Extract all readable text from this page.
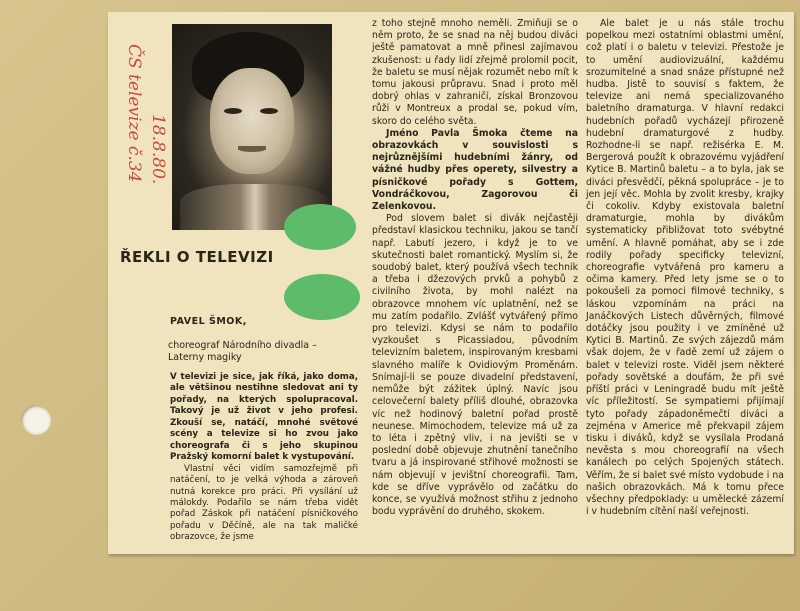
ČS televize č.34 18.8.80.
ŘEKLI O TELEVIZI
PAVEL ŠMOK,
choreograf Národního divadla – Laterny magiky

V televizi je sice, jak říká, jako doma, ale většinou nestihne sledovat ani ty pořady, na kterých spolupracoval. Takový je už život v jeho profesi. Zkouší se, natáčí, mnohé světové scény a televize si ho zvou jako choreografa či s jeho skupinou Pražský komorní balet k vystupování.

Vlastní věci vidím samozřejmě při natáčení, to je velká výhoda a zároveň nutná korekce pro práci. Při vysílání už málokdy. Podařilo se nám třeba vidět pořad Záskok při natáčení písničkového pořadu v Děčíně, ale na tak maličké obrazovce, že jsme

z toho stejně mnoho neměli. Zmiňuji se o něm proto, že se snad na něj budou diváci ještě pamatovat a mně přinesl zajímavou zkušenost: u řady lidí zřejmě prolomil pocit, že baletu se musí nějak rozumět nebo mít k tomu jakousi průpravu. Snad i proto měl dobrý ohlas v zahraničí, získal Bronzovou růži v Montreux a prodal se, pokud vím, skoro do celého světa.

Jméno Pavla Šmoka čteme na obrazovkách v souvislosti s nejrůznějšími hudebními žánry, od vážné hudby přes operety, silvestry a písničkové pořady s Gottem, Vondráčkovou, Zagorovou či Zelenkovou.

Pod slovem balet si divák nejčastěji představí klasickou techniku, jakou se tančí např. Labutí jezero, i když je to ve skutečnosti balet romantický. Myslím si, že soudobý balet, který používá všech technik a třeba i džezových prvků a pohybů z civilního života, by mohl nalézt na obrazovce mnohem víc uplatnění, než se mu zatím podařilo. Zvlášť vytvářený přímo pro televizi. Kdysi se nám to podařilo vyzkoušet s Picassiadou, původním televizním baletem, inspirovaným kresbami slavného malíře k Ovidiovým Proměnám. Snímají-li se pouze divadelní představení, nemůže být zážitek úplný. Navíc jsou celovečerní balety příliš dlouhé, obrazovka víc než hodinový baletní pořad prostě neunese. Mimochodem, televize má už za to léta i zpětný vliv, i na jevišti se v poslední době objevuje zhutnění tanečního tvaru a já inspirované střihové možnosti se nám objevují v jevištní choreografii. Tam, kde se dříve vyprávělo od začátku do konce, se využívá možnost střihu z jednoho bodu vyprávění do druhého, skokem.

Ale balet je u nás stále trochu popelkou mezi ostatními oblastmi umění, což platí i o baletu v televizi. Přestože je to umění audiovizuální, každému srozumitelné a snad snáze přístupné než hudba. Jistě to souvisí s faktem, že televize ani nemá specializovaného baletního dramaturga. V hlavní redakci hudebních pořadů vycházejí přirozeně hudební dramaturgové z hudby. Rozhodne-li se např. režisérka E. M. Bergerová použít k obrazovému vyjádření Kytice B. Martinů baletu – a to byla, jak se diváci přesvědčí, pěkná spolupráce – je to jen její věc. Mohla by zvolit kresby, krajky či cokoliv. Kdyby existovala baletní dramaturgie, mohla by divákům systematicky přibližovat toto svébytné umění. A hlavně pomáhat, aby se i zde rodily pořady specificky televizní, choreografie vytvářená pro kameru a očima kamery. Před lety jsme se o to pokoušeli za pomoci filmové techniky, s láskou vzpomínám na práci na Janáčkových Listech důvěrných, filmové dotáčky jsou použity i ve zmíněné už Kytici B. Martinů. Ze svých zájezdů mám však dojem, že v řadě zemí už zájem o balet v televizi roste. Viděl jsem některé pořady sovětské a doufám, že při své příští práci v Leningradě budu mít ještě víc příležitostí. Se sympatiemi přijímají tyto pořady západoněmečtí diváci a zejména v Americe mě překvapil zájem tisku i diváků, když se vysílala Prodaná nevěsta s mou choreografií na všech kanálech po celých Spojených státech. Věřím, že si balet své místo vydobude i na našich obrazovkách. Má k tomu přece všechny předpoklady: u umělecké zázemí i v hudebním cítění naší veřejnosti.
